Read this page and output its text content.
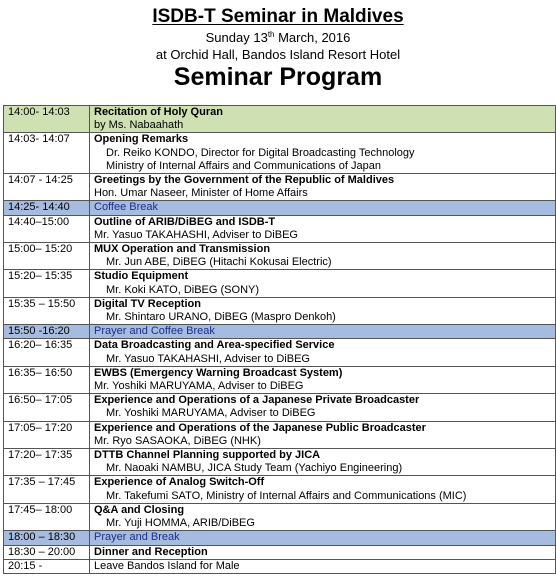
ISDB-T Seminar in Maldives
Sunday 13th March, 2016
at Orchid Hall, Bandos Island Resort Hotel
Seminar Program
14:00- 14:03	Recitation of Holy Quran
by Ms. Nabaahath

14:03- 14:07	Opening Remarks
Dr. Reiko KONDO, Director for Digital Broadcasting Technology
Ministry of Internal Affairs and Communications of Japan

14:07 - 14:25	Greetings by the Government of the Republic of Maldives
Hon. Umar Naseer, Minister of Home Affairs

14:25- 14:40	Coffee Break

14:40–15:00	Outline of ARIB/DiBEG and ISDB-T
Mr. Yasuo TAKAHASHI, Adviser to DiBEG

15:00– 15:20	MUX Operation and Transmission
Mr. Jun ABE, DiBEG (Hitachi Kokusai Electric)

15:20– 15:35	Studio Equipment
Mr. Koki KATO, DiBEG (SONY)

15:35 – 15:50	Digital TV Reception
Mr. Shintaro URANO, DiBEG (Maspro Denkoh)

15:50 -16:20	Prayer and Coffee Break

16:20– 16:35	Data Broadcasting and Area-specified Service
Mr. Yasuo TAKAHASHI, Adviser to DiBEG

16:35– 16:50	EWBS (Emergency Warning Broadcast System)
Mr. Yoshiki MARUYAMA, Adviser to DiBEG

16:50– 17:05	Experience and Operations of a Japanese Private Broadcaster
Mr. Yoshiki MARUYAMA, Adviser to DiBEG

17:05– 17:20	Experience and Operations of the Japanese Public Broadcaster
Mr. Ryo SASAOKA, DiBEG (NHK)

17:20– 17:35	DTTB Channel Planning supported by JICA
Mr. Naoaki NAMBU, JICA Study Team (Yachiyo Engineering)

17:35 – 17:45	Experience of Analog Switch-Off
Mr. Takefumi SATO, Ministry of Internal Affairs and Communications (MIC)

17:45– 18:00	Q&A and Closing
Mr. Yuji HOMMA, ARIB/DiBEG

18:00 – 18:30	Prayer and Break

18:30 – 20:00	Dinner and Reception

20:15 -	Leave Bandos Island for Male
